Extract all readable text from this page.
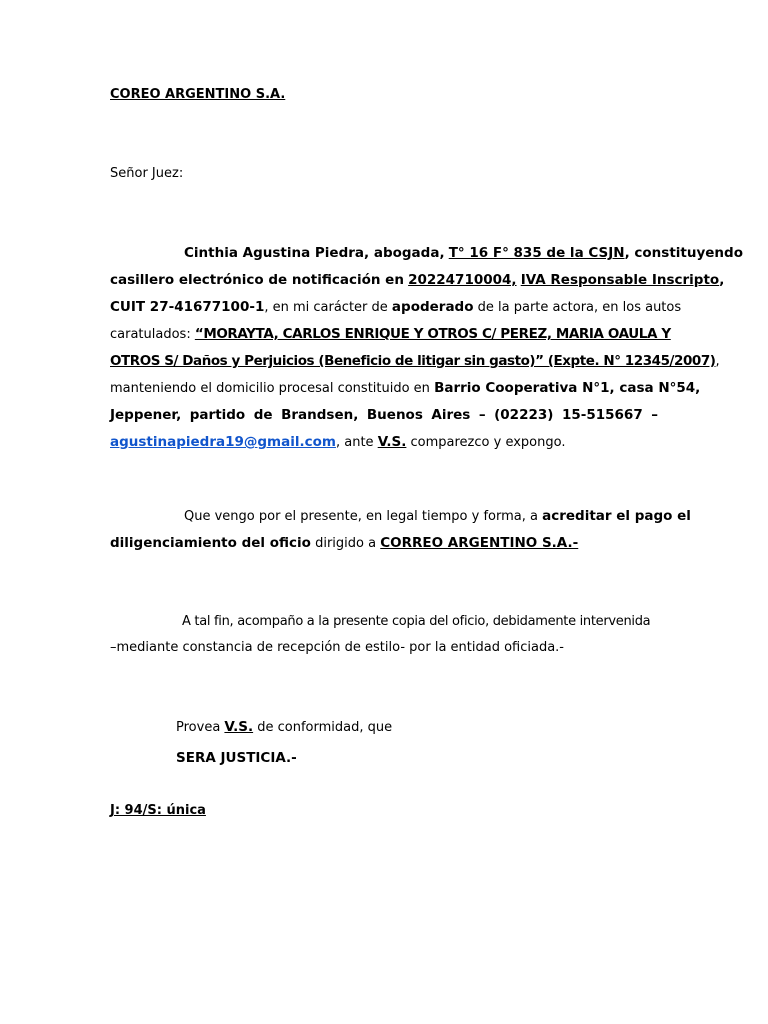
COREO ARGENTINO S.A.
Señor Juez:
Cinthia Agustina Piedra, abogada, T° 16 F° 835 de la CSJN, constituyendo
casillero electrónico de notificación en 20224710004, IVA Responsable Inscripto,
CUIT 27-41677100-1, en mi carácter de apoderado de la parte actora, en los autos
caratulados: “MORAYTA, CARLOS ENRIQUE Y OTROS C/ PEREZ, MARIA OAULA Y
OTROS S/ Daños y Perjuicios (Beneficio de litigar sin gasto)” (Expte. N° 12345/2007),
manteniendo el domicilio procesal constituido en Barrio Cooperativa N°1, casa N°54,
Jeppener, partido de Brandsen, Buenos Aires – (02223) 15-515667 –
agustinapiedra19@gmail.com, ante V.S. comparezco y expongo.
Que vengo por el presente, en legal tiempo y forma, a acreditar el pago el
diligenciamiento del oficio dirigido a CORREO ARGENTINO S.A.-
A tal fin, acompaño a la presente copia del oficio, debidamente intervenida
–mediante constancia de recepción de estilo- por la entidad oficiada.-
Provea V.S. de conformidad, que
SERA JUSTICIA.-
J: 94/S: única
